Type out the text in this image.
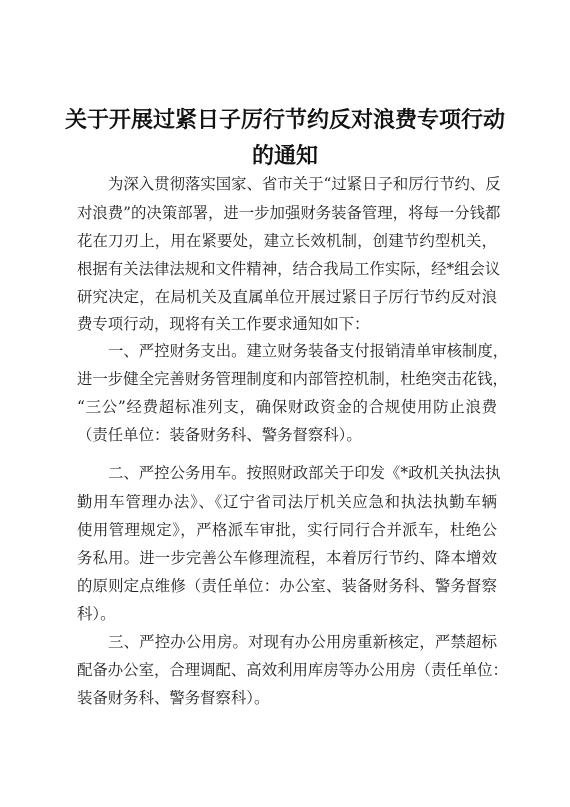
关于开展过紧日子厉行节约反对浪费专项行动
的通知
为深入贯彻落实国家、省市关于“过紧日子和厉行节约、反
对浪费”的决策部署，进一步加强财务装备管理，将每一分钱都
花在刀刃上，用在紧要处，建立长效机制，创建节约型机关，
根据有关法律法规和文件精神，结合我局工作实际，经*组会议
研究决定，在局机关及直属单位开展过紧日子厉行节约反对浪
费专项行动，现将有关工作要求通知如下：
一、严控财务支出。建立财务装备支付报销清单审核制度，
进一步健全完善财务管理制度和内部管控机制，杜绝突击花钱，
“三公”经费超标准列支，确保财政资金的合规使用防止浪费
（责任单位：装备财务科、警务督察科）。
二、严控公务用车。按照财政部关于印发《*政机关执法执
勤用车管理办法》、《辽宁省司法厅机关应急和执法执勤车辆
使用管理规定》，严格派车审批，实行同行合并派车，杜绝公
务私用。进一步完善公车修理流程，本着厉行节约、降本增效
的原则定点维修（责任单位：办公室、装备财务科、警务督察
科）。
三、严控办公用房。对现有办公用房重新核定，严禁超标
配备办公室，合理调配、高效利用库房等办公用房（责任单位：
装备财务科、警务督察科）。
